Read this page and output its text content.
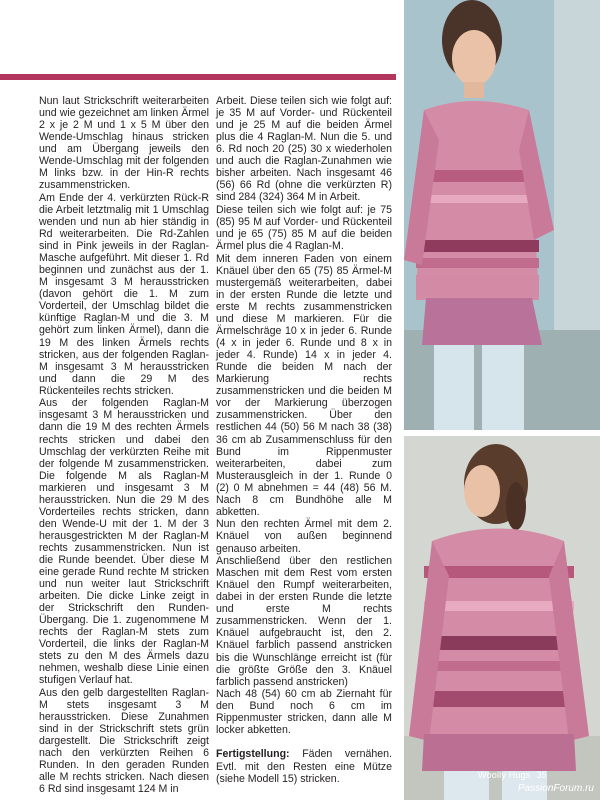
Nun laut Strickschrift weiterarbeiten und wie gezeichnet am linken Ärmel 2 x je 2 M und 1 x 5 M über den Wende-Umschlag hinaus stricken und am Übergang jeweils den Wende-Umschlag mit der folgenden M links bzw. in der Hin-R rechts zusammenstricken.

Am Ende der 4. verkürzten Rück-R die Arbeit letztmalig mit 1 Umschlag wenden und nun ab hier ständig in Rd weiterarbeiten. Die Rd-Zahlen sind in Pink jeweils in der Raglan-Masche aufgeführt. Mit dieser 1. Rd beginnen und zunächst aus der 1. M insgesamt 3 M herausstricken (davon gehört die 1. M zum Vorderteil, der Umschlag bildet die künftige Raglan-M und die 3. M gehört zum linken Ärmel), dann die 19 M des linken Ärmels rechts stricken, aus der folgenden Raglan-M insgesamt 3 M herausstricken und dann die 29 M des Rückenteiles rechts stricken.

Aus der folgenden Raglan-M insgesamt 3 M herausstricken und dann die 19 M des rechten Ärmels rechts stricken und dabei den Umschlag der verkürzten Reihe mit der folgende M zusammenstricken. Die folgende M als Raglan-M markieren und insgesamt 3 M herausstricken. Nun die 29 M des Vorderteiles rechts stricken, dann den Wende-U mit der 1. M der 3 herausgestrickten M der Raglan-M rechts zusammenstricken. Nun ist die Runde beendet. Über diese M eine gerade Rund rechte M stricken und nun weiter laut Strickschrift arbeiten. Die dicke Linke zeigt in der Strickschrift den Runden-Übergang. Die 1. zugenommene M rechts der Raglan-M stets zum Vorderteil, die links der Raglan-M stets zu den M des Ärmels dazu nehmen, weshalb diese Linie einen stufigen Verlauf hat.

Aus den gelb dargestellten Raglan-M stets insgesamt 3 M herausstricken. Diese Zunahmen sind in der Strickschrift stets grün dargestellt. Die Strickschrift zeigt nach den verkürzten Reihen 6 Runden. In den geraden Runden alle M rechts stricken. Nach diesen 6 Rd sind insgesamt 124 M in

Arbeit. Diese teilen sich wie folgt auf: je 35 M auf Vorder- und Rückenteil und je 25 M auf die beiden Ärmel plus die 4 Raglan-M. Nun die 5. und 6. Rd noch 20 (25) 30 x wiederholen und auch die Raglan-Zunahmen wie bisher arbeiten. Nach insgesamt 46 (56) 66 Rd (ohne die verkürzten R) sind 284 (324) 364 M in Arbeit.

Diese teilen sich wie folgt auf: je 75 (85) 95 M auf Vorder- und Rückenteil und je 65 (75) 85 M auf die beiden Ärmel plus die 4 Raglan-M.

Mit dem inneren Faden von einem Knäuel über den 65 (75) 85 Ärmel-M mustergemäß weiterarbeiten, dabei in der ersten Runde die letzte und erste M rechts zusammenstricken und diese M markieren. Für die Ärmelschräge 10 x in jeder 6. Runde (4 x in jeder 6. Runde und 8 x in jeder 4. Runde) 14 x in jeder 4. Runde die beiden M nach der Markierung rechts zusammenstricken und die beiden M vor der Markierung überzogen zusammenstricken. Über den restlichen 44 (50) 56 M nach 38 (38) 36 cm ab Zusammenschluss für den Bund im Rippenmuster weiterarbeiten, dabei zum Musterausgleich in der 1. Runde 0 (2) 0 M abnehmen = 44 (48) 56 M. Nach 8 cm Bundhöhe alle M abketten.

Nun den rechten Ärmel mit dem 2. Knäuel von außen beginnend genauso arbeiten.

Anschließend über den restlichen Maschen mit dem Rest vom ersten Knäuel den Rumpf weiterarbeiten, dabei in der ersten Runde die letzte und erste M rechts zusammenstricken. Wenn der 1. Knäuel aufgebraucht ist, den 2. Knäuel farblich passend anstricken bis die Wunschlänge erreicht ist (für die größte Größe den 3. Knäuel farblich passend anstricken)

Nach 48 (54) 60 cm ab Ziernaht für den Bund noch 6 cm im Rippenmuster stricken, dann alle M locker abketten.

Fertigstellung: Fäden vernähen. Evtl. mit den Resten eine Mütze (siehe Modell 15) stricken.	Woolly Hugs 35
PassionForum.ru
